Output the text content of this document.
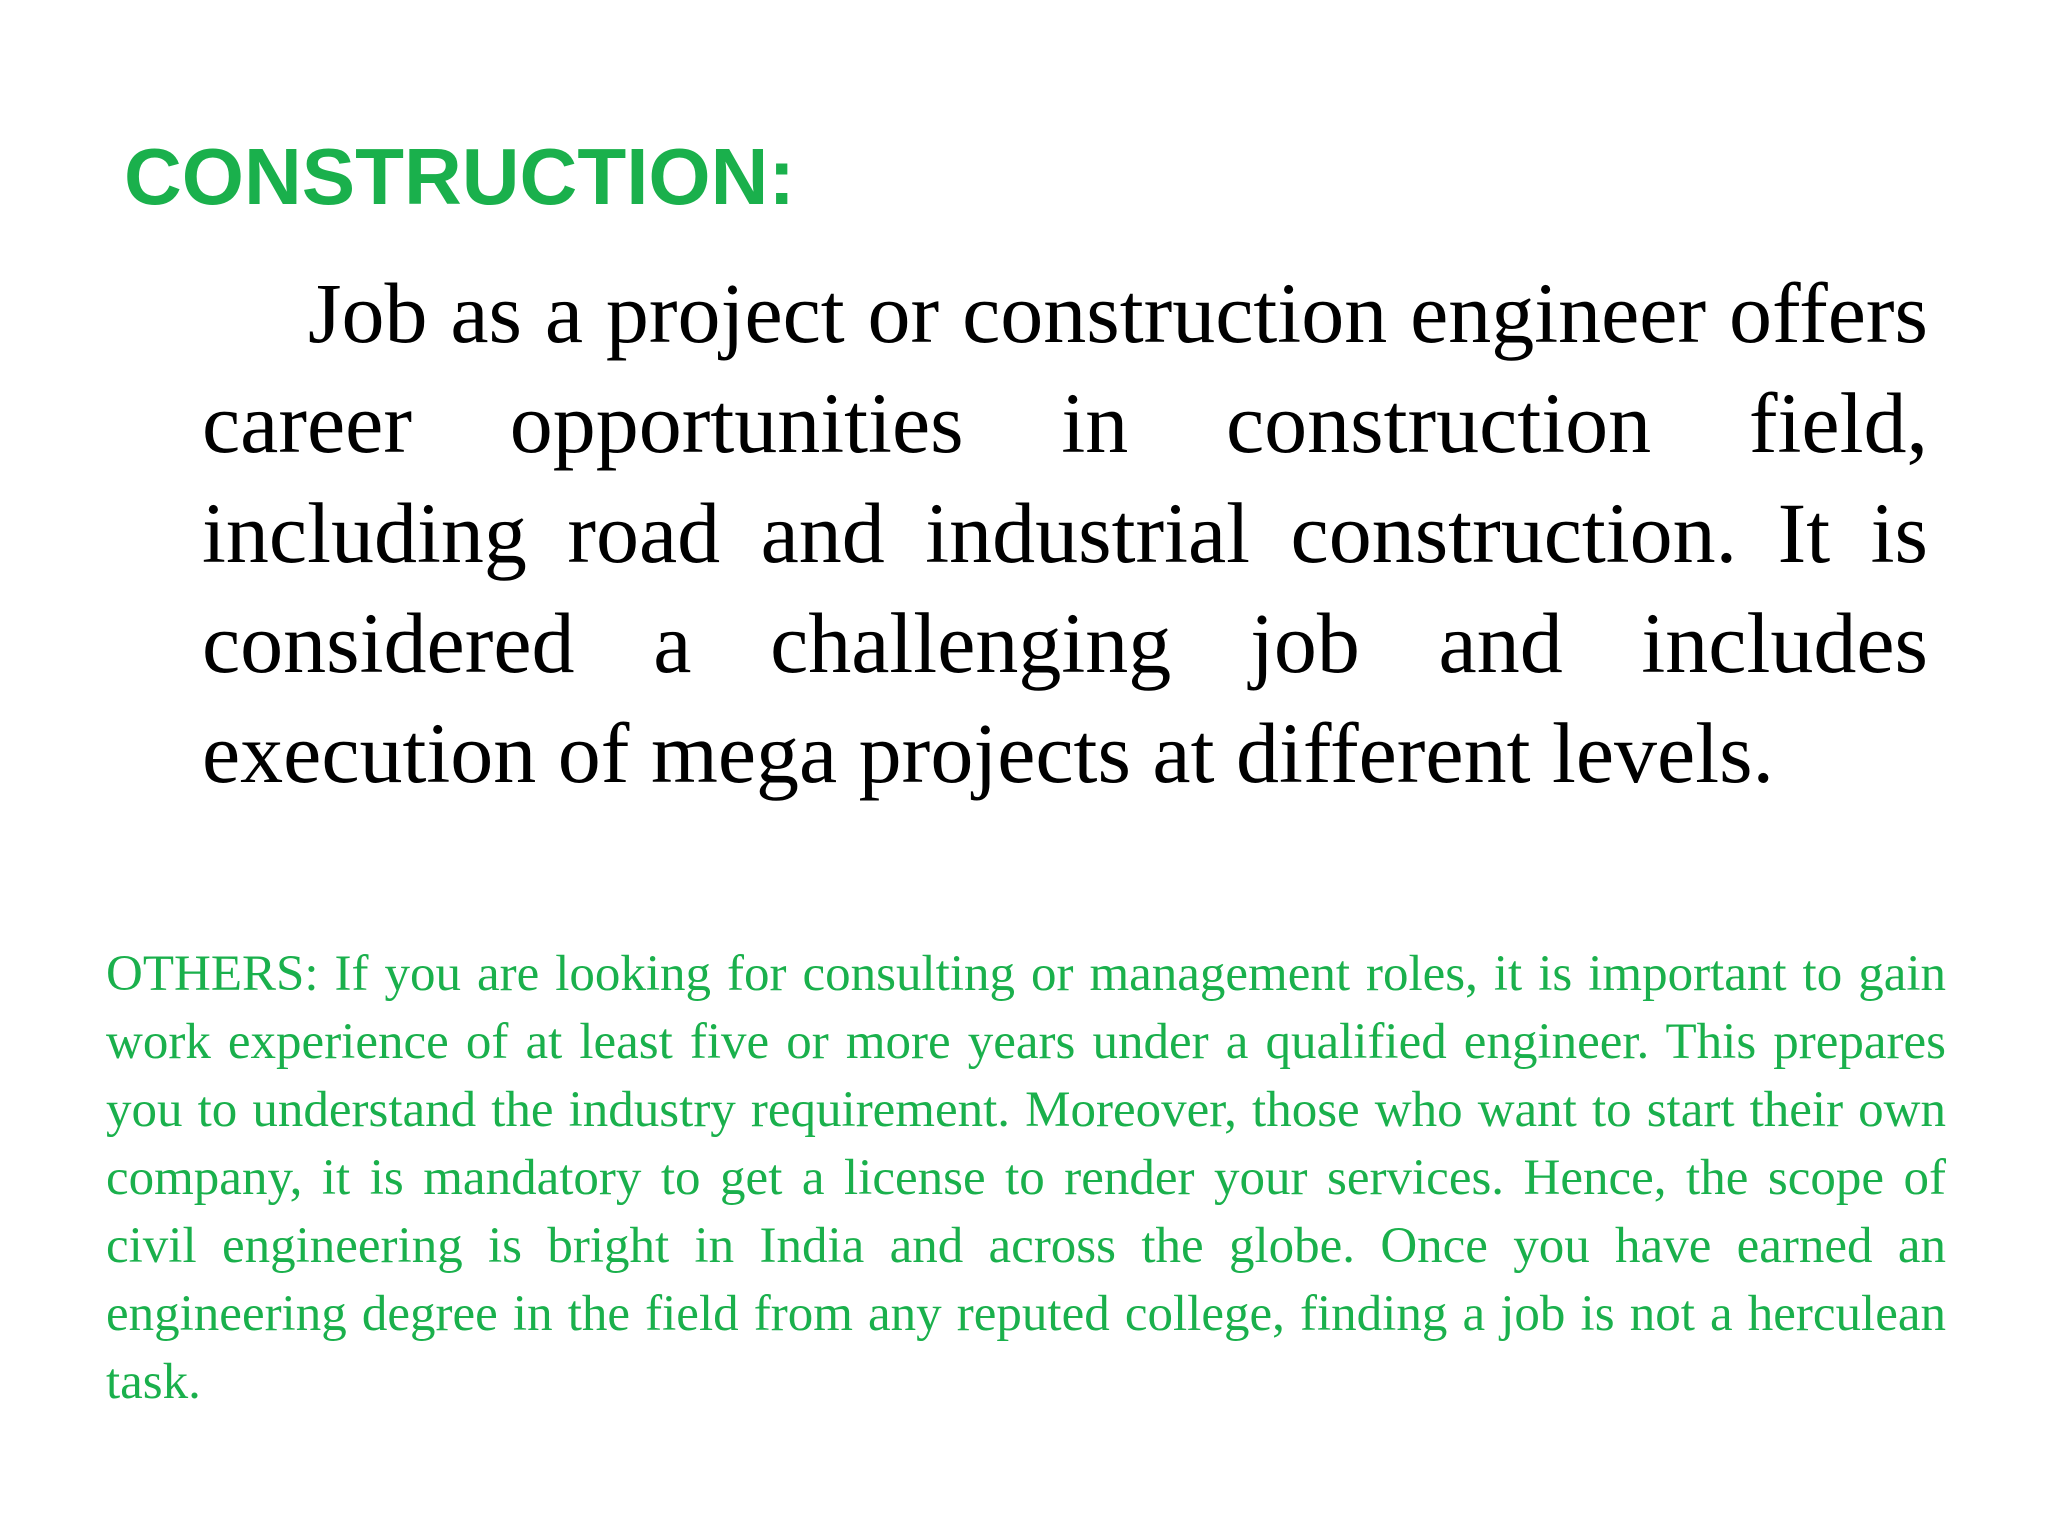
CONSTRUCTION:

Job as a project or construction engineer offers career opportunities in construction field, including road and industrial construction. It is considered a challenging job and includes execution of mega projects at different levels.

OTHERS: If you are looking for consulting or management roles, it is important to gain work experience of at least five or more years under a qualified engineer. This prepares you to understand the industry requirement. Moreover, those who want to start their own company, it is mandatory to get a license to render your services. Hence, the scope of civil engineering is bright in India and across the globe. Once you have earned an engineering degree in the field from any reputed college, finding a job is not a herculean task.
